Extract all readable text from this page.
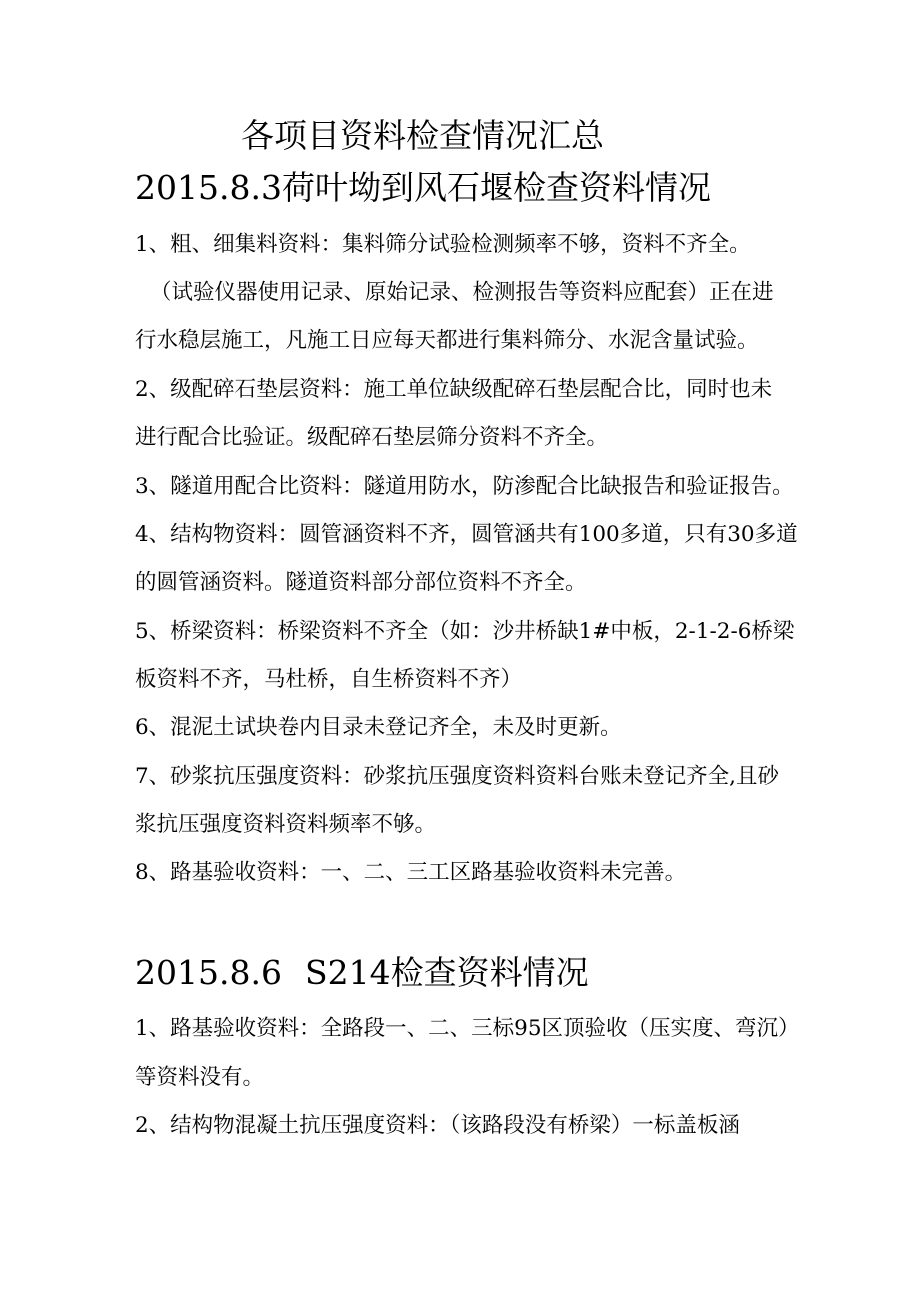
各项目资料检查情况汇总
2015.8.3荷叶坳到风石堰检查资料情况
1、粗、细集料资料：集料筛分试验检测频率不够，资料不齐全。
（试验仪器使用记录、原始记录、检测报告等资料应配套）正在进
行水稳层施工，凡施工日应每天都进行集料筛分、水泥含量试验。
2、级配碎石垫层资料：施工单位缺级配碎石垫层配合比，同时也未
进行配合比验证。级配碎石垫层筛分资料不齐全。
3、隧道用配合比资料：隧道用防水，防渗配合比缺报告和验证报告。
4、结构物资料：圆管涵资料不齐，圆管涵共有100多道，只有30多道
的圆管涵资料。隧道资料部分部位资料不齐全。
5、桥梁资料：桥梁资料不齐全（如：沙井桥缺1#中板，2-1-2-6桥梁
板资料不齐，马杜桥，自生桥资料不齐）
6、混泥土试块卷内目录未登记齐全，未及时更新。
7、砂浆抗压强度资料：砂浆抗压强度资料资料台账未登记齐全,且砂
浆抗压强度资料资料频率不够。
8、路基验收资料：一、二、三工区路基验收资料未完善。
2015.8.6 S214检查资料情况
1、路基验收资料：全路段一、二、三标95区顶验收（压实度、弯沉）
等资料没有。
2、结构物混凝土抗压强度资料：（该路段没有桥梁）一标盖板涵
